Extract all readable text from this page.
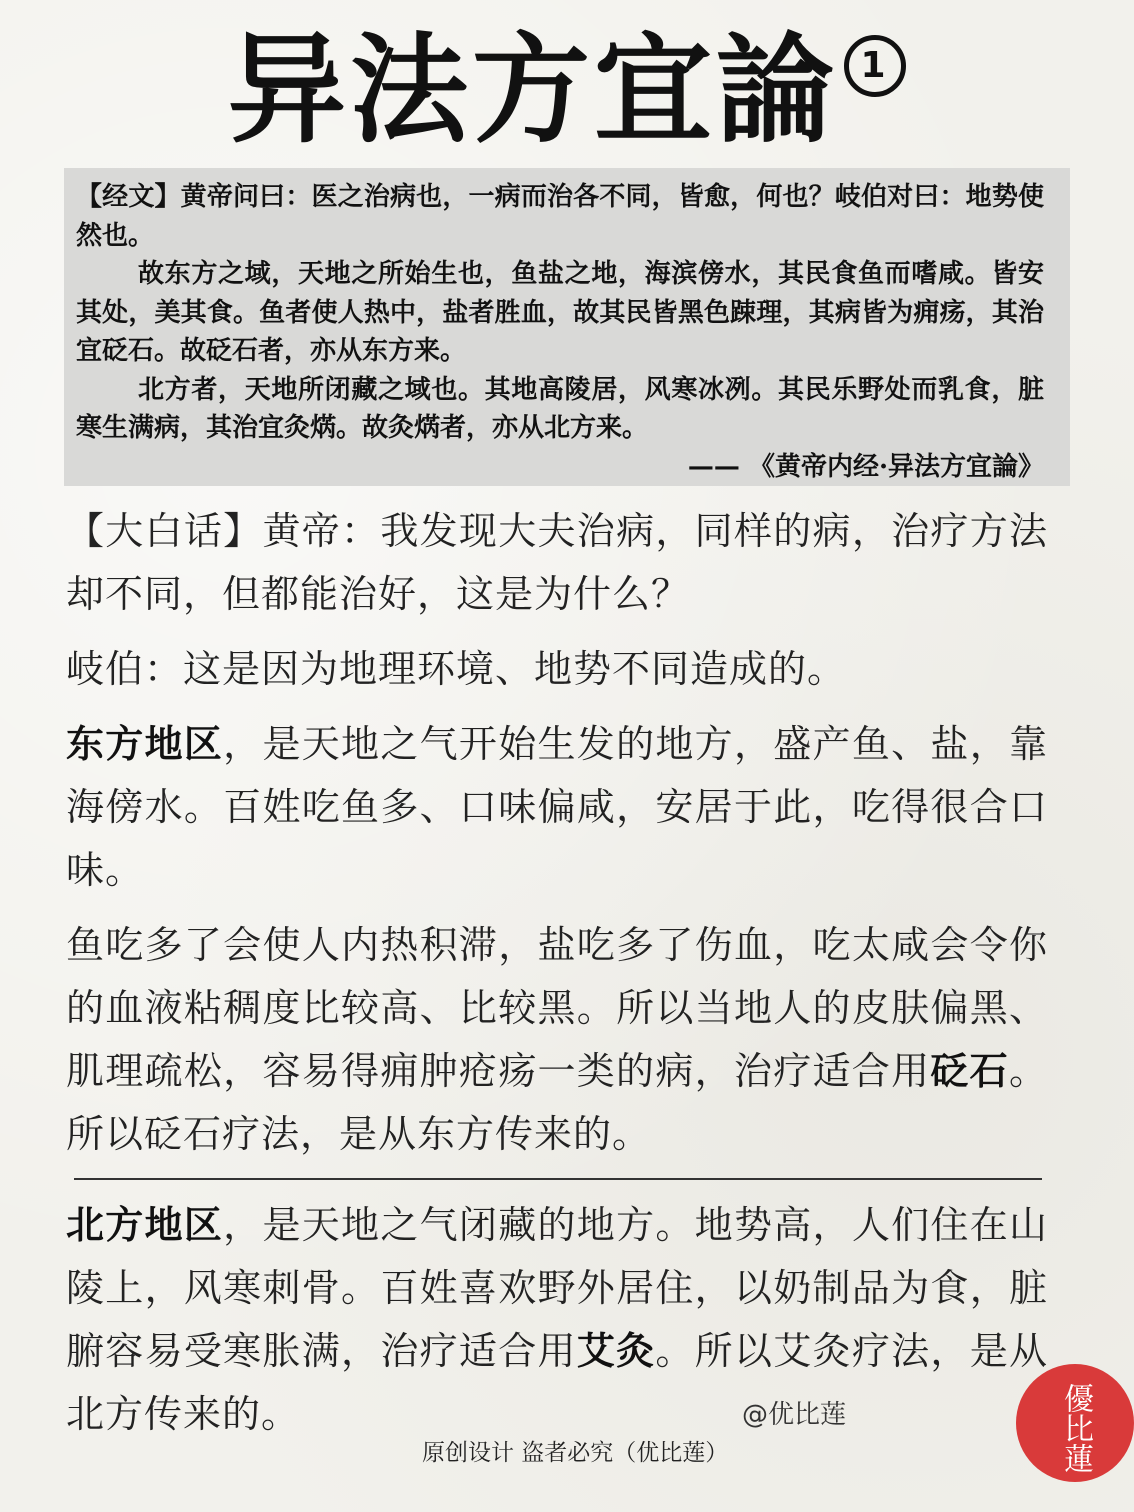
异法方宜論 1

【经文】黄帝问曰：医之治病也，一病而治各不同，皆愈，何也？岐伯对曰：地势使然也。

故东方之域，天地之所始生也，鱼盐之地，海滨傍水，其民食鱼而嗜咸。皆安其处，美其食。鱼者使人热中，盐者胜血，故其民皆黑色踈理，其病皆为痈疡，其治宜砭石。故砭石者，亦从东方来。

北方者，天地所闭藏之域也。其地高陵居，风寒冰冽。其民乐野处而乳食，脏寒生满病，其治宜灸焫。故灸焫者，亦从北方来。

—— 《黄帝内经·异法方宜論》

【大白话】黄帝：我发现大夫治病，同样的病，治疗方法却不同，但都能治好，这是为什么？

岐伯：这是因为地理环境、地势不同造成的。

东方地区，是天地之气开始生发的地方，盛产鱼、盐，靠海傍水。百姓吃鱼多、口味偏咸，安居于此，吃得很合口味。

鱼吃多了会使人内热积滞，盐吃多了伤血，吃太咸会令你的血液粘稠度比较高、比较黑。所以当地人的皮肤偏黑、肌理疏松，容易得痈肿疮疡一类的病，治疗适合用砭石。所以砭石疗法，是从东方传来的。

北方地区，是天地之气闭藏的地方。地势高，人们住在山陵上，风寒刺骨。百姓喜欢野外居住，以奶制品为食，脏腑容易受寒胀满，治疗适合用艾灸。所以艾灸疗法，是从北方传来的。	@优比莲
原创设计 盗者必究（优比莲）	優比蓮
